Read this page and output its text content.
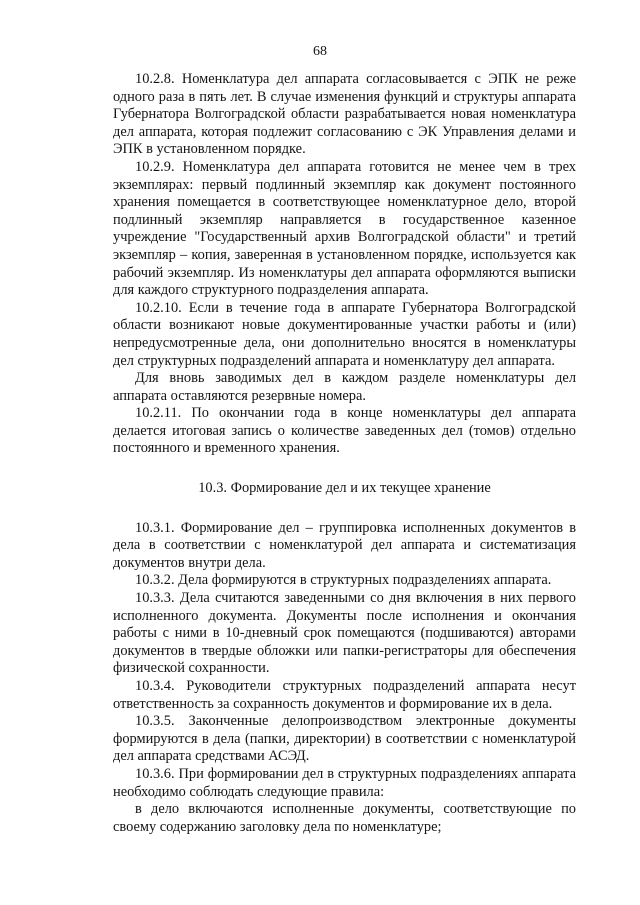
68

10.2.8. Номенклатура дел аппарата согласовывается с ЭПК не реже одного раза в пять лет. В случае изменения функций и структуры аппарата Губернатора Волгоградской области разрабатывается новая номенклатура дел аппарата, которая подлежит согласованию с ЭК Управления делами и ЭПК в установленном порядке.

10.2.9. Номенклатура дел аппарата готовится не менее чем в трех экземплярах: первый подлинный экземпляр как документ постоянного хранения помещается в соответствующее номенклатурное дело, второй подлинный экземпляр направляется в государственное казенное учреждение "Государственный архив Волгоградской области" и третий экземпляр – копия, заверенная в установленном порядке, используется как рабочий экземпляр. Из номенклатуры дел аппарата оформляются выписки для каждого структурного подразделения аппарата.

10.2.10. Если в течение года в аппарате Губернатора Волгоградской области возникают новые документированные участки работы и (или) непредусмотренные дела, они дополнительно вносятся в номенклатуры дел структурных подразделений аппарата и номенклатуру дел аппарата.

Для вновь заводимых дел в каждом разделе номенклатуры дел аппарата оставляются резервные номера.

10.2.11. По окончании года в конце номенклатуры дел аппарата делается итоговая запись о количестве заведенных дел (томов) отдельно постоянного и временного хранения.

10.3. Формирование дел и их текущее хранение

10.3.1. Формирование дел – группировка исполненных документов в дела в соответствии с номенклатурой дел аппарата и систематизация документов внутри дела.

10.3.2. Дела формируются в структурных подразделениях аппарата.

10.3.3. Дела считаются заведенными со дня включения в них первого исполненного документа. Документы после исполнения и окончания работы с ними в 10-дневный срок помещаются (подшиваются) авторами документов в твердые обложки или папки-регистраторы для обеспечения физической сохранности.

10.3.4. Руководители структурных подразделений аппарата несут ответственность за сохранность документов и формирование их в дела.

10.3.5. Законченные делопроизводством электронные документы формируются в дела (папки, директории) в соответствии с номенклатурой дел аппарата средствами АСЭД.

10.3.6. При формировании дел в структурных подразделениях аппарата необходимо соблюдать следующие правила:

в дело включаются исполненные документы, соответствующие по своему содержанию заголовку дела по номенклатуре;
